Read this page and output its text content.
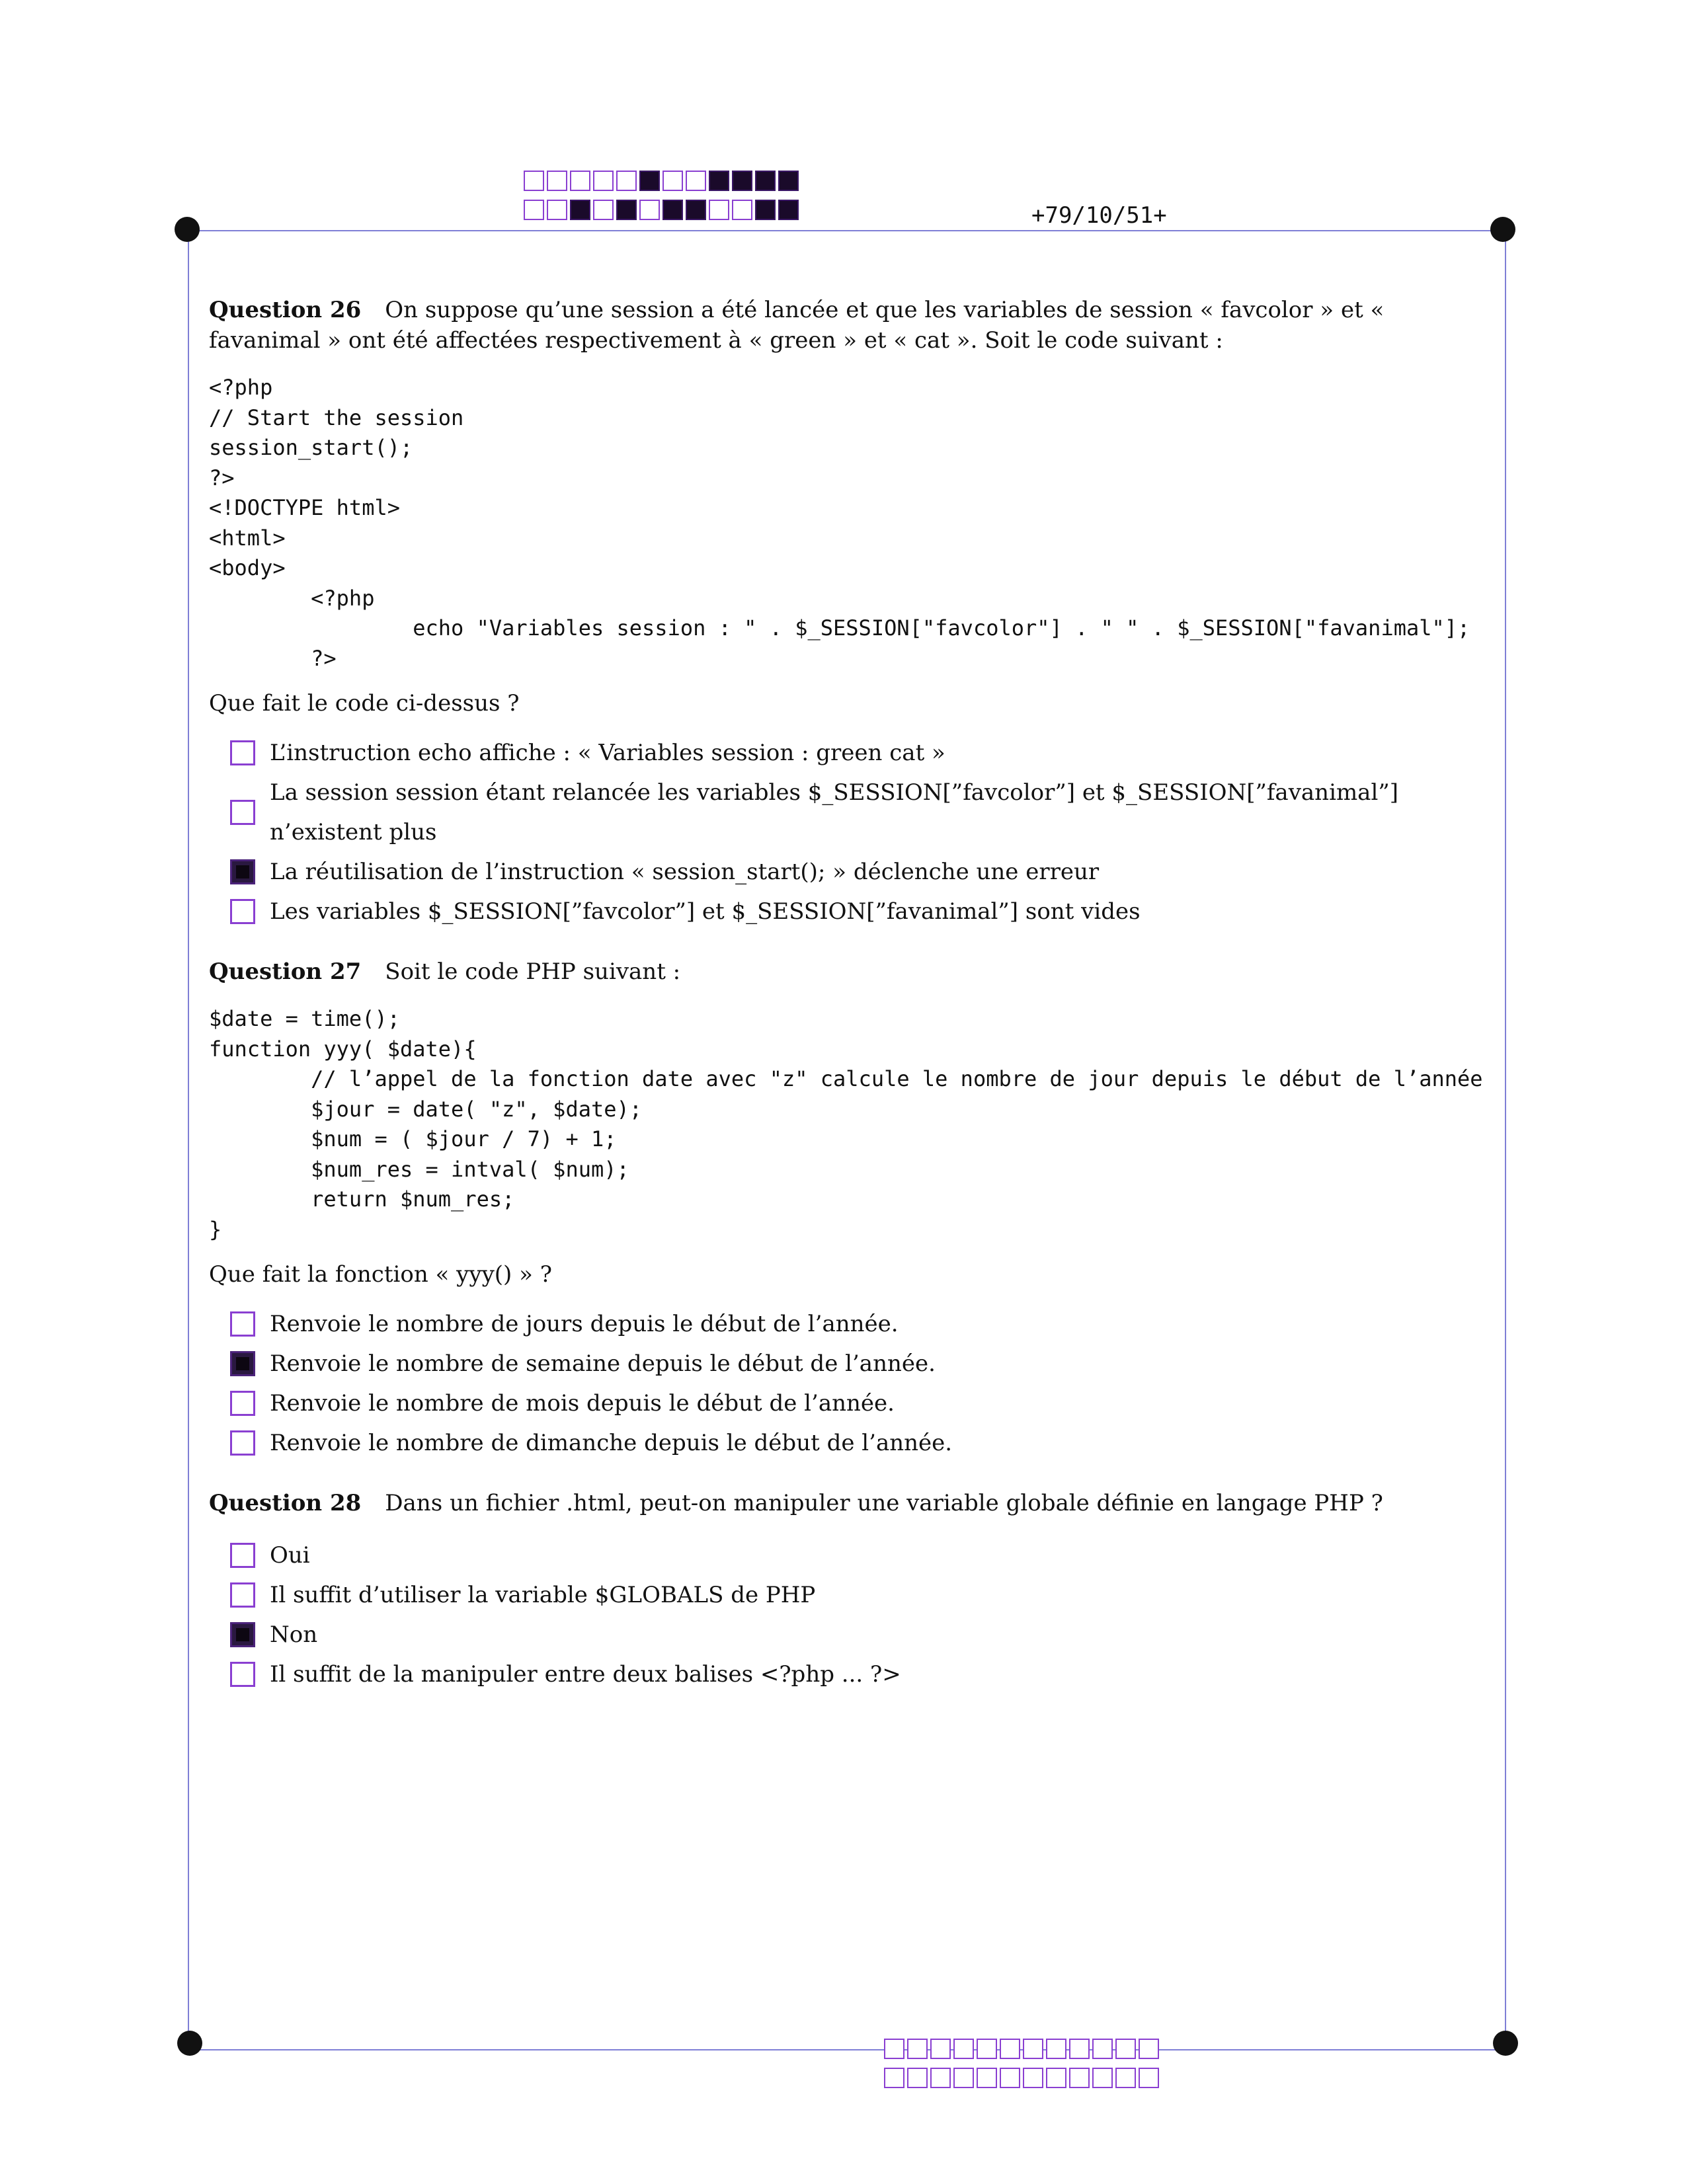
+79/10/51+

Question 26 On suppose qu’une session a été lancée et que les variables de session « favcolor » et « favanimal » ont été affectées respectivement à « green » et « cat ». Soit le code suivant :

<?php
// Start the session
session_start();
?>
<!DOCTYPE html>
<html>
<body>
<?php
echo "Variables session : " . $_SESSION["favcolor"] . " " . $_SESSION["favanimal"];
?>

Que fait le code ci-dessus ?

L’instruction echo affiche : « Variables session : green cat »
La session session étant relancée les variables $_SESSION[”favcolor”] et $_SESSION[”favanimal”] n’existent plus
La réutilisation de l’instruction « session_start(); » déclenche une erreur
Les variables $_SESSION[”favcolor”] et $_SESSION[”favanimal”] sont vides

Question 27 Soit le code PHP suivant :

$date = time();
function yyy( $date){
// l’appel de la fonction date avec "z" calcule le nombre de jour depuis le début de l’année
$jour = date( "z", $date);
$num = ( $jour / 7) + 1;
$num_res = intval( $num);
return $num_res;
}

Que fait la fonction « yyy() » ?

Renvoie le nombre de jours depuis le début de l’année.
Renvoie le nombre de semaine depuis le début de l’année.
Renvoie le nombre de mois depuis le début de l’année.
Renvoie le nombre de dimanche depuis le début de l’année.

Question 28 Dans un fichier .html, peut-on manipuler une variable globale définie en langage PHP ?

Oui
Il suffit d’utiliser la variable $GLOBALS de PHP
Non
Il suffit de la manipuler entre deux balises <?php ... ?>
